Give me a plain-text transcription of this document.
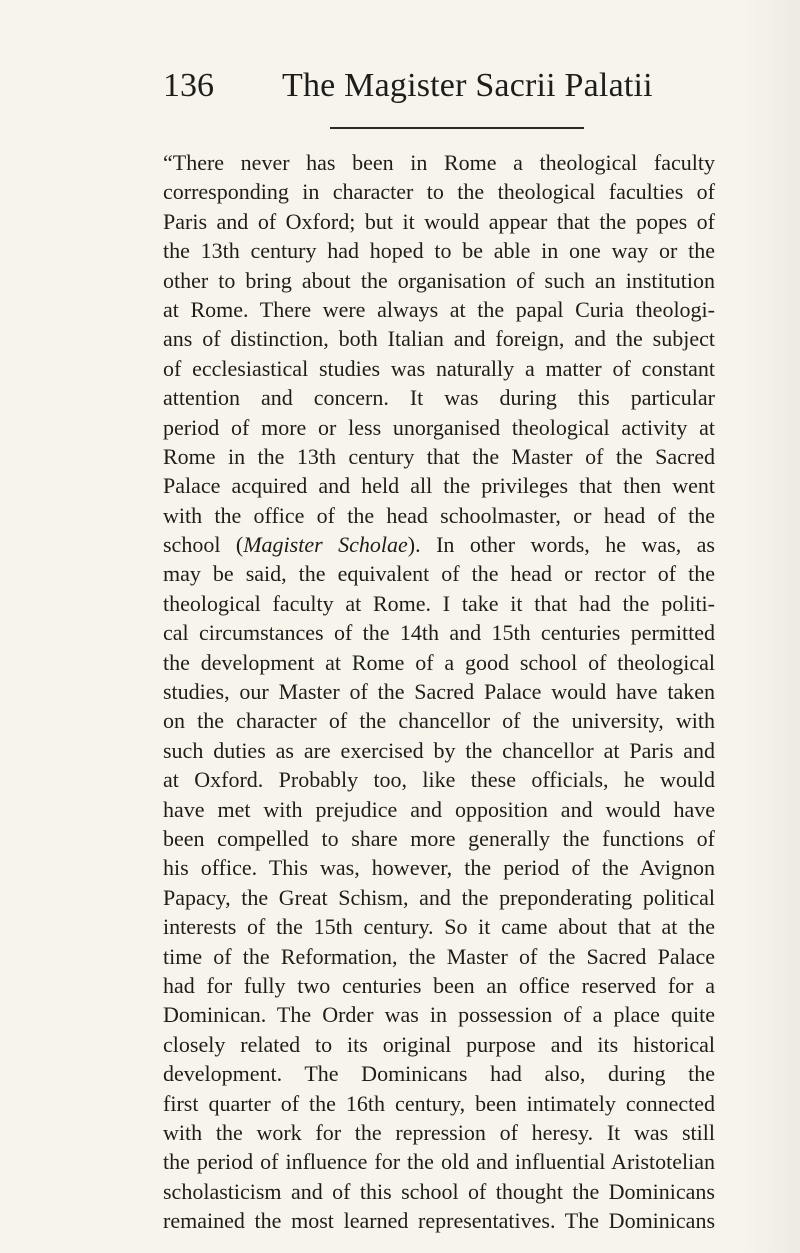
136 The Magister Sacrii Palatii
“There never has been in Rome a theological faculty
corresponding in character to the theological faculties of
Paris and of Oxford; but it would appear that the popes of
the 13th century had hoped to be able in one way or the
other to bring about the organisation of such an institution
at Rome. There were always at the papal Curia theologi-
ans of distinction, both Italian and foreign, and the subject
of ecclesiastical studies was naturally a matter of constant
attention and concern. It was during this particular
period of more or less unorganised theological activity at
Rome in the 13th century that the Master of the Sacred
Palace acquired and held all the privileges that then went
with the office of the head schoolmaster, or head of the
school (Magister Scholae). In other words, he was, as
may be said, the equivalent of the head or rector of the
theological faculty at Rome. I take it that had the politi-
cal circumstances of the 14th and 15th centuries permitted
the development at Rome of a good school of theological
studies, our Master of the Sacred Palace would have taken
on the character of the chancellor of the university, with
such duties as are exercised by the chancellor at Paris and
at Oxford. Probably too, like these officials, he would
have met with prejudice and opposition and would have
been compelled to share more generally the functions of
his office. This was, however, the period of the Avignon
Papacy, the Great Schism, and the preponderating political
interests of the 15th century. So it came about that at the
time of the Reformation, the Master of the Sacred Palace
had for fully two centuries been an office reserved for a
Dominican. The Order was in possession of a place quite
closely related to its original purpose and its historical
development. The Dominicans had also, during the
first quarter of the 16th century, been intimately connected
with the work for the repression of heresy. It was still
the period of influence for the old and influential Aristotelian
scholasticism and of this school of thought the Dominicans
remained the most learned representatives. The Dominicans
